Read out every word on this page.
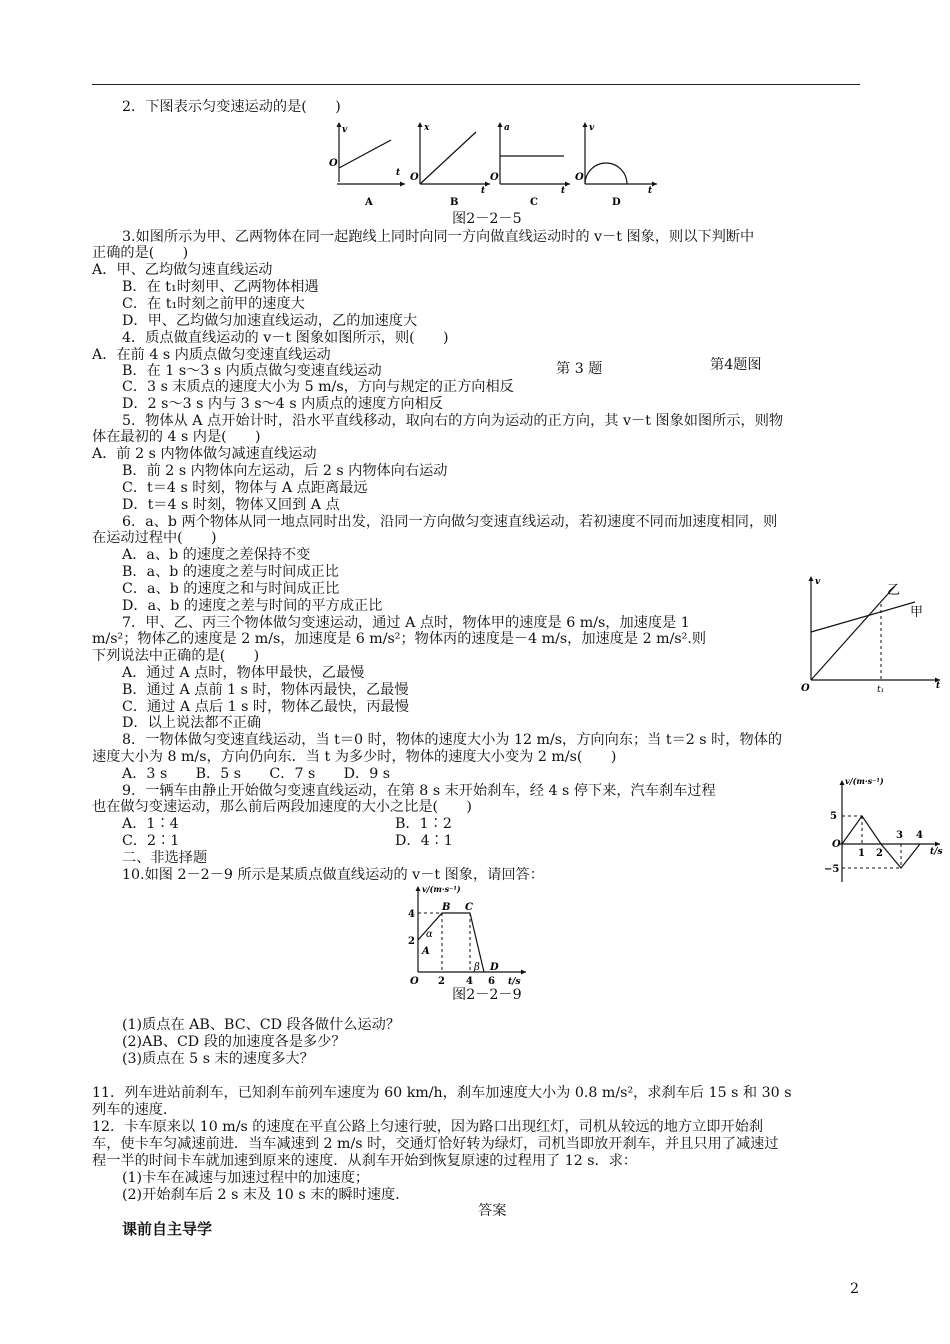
2．下图表示匀变速运动的是(　　)
v
O
t
A
x
O
t
B
a
O
t
C
v
O
t
D
图2－2－5
3.如图所示为甲、乙两物体在同一起跑线上同时向同一方向做直线运动时的 v－t 图象，则以下判断中
正确的是(　　)
A．甲、乙均做匀速直线运动
B．在 t₁时刻甲、乙两物体相遇
C．在 t₁时刻之前甲的速度大
D．甲、乙均做匀加速直线运动，乙的加速度大
4．质点做直线运动的 v－t 图象如图所示，则(　　)
A．在前 4 s 内质点做匀变速直线运动
B．在 1 s～3 s 内质点做匀变速直线运动	第 3 题	第4题图
C．3 s 末质点的速度大小为 5 m/s，方向与规定的正方向相反
D．2 s～3 s 内与 3 s～4 s 内质点的速度方向相反
5．物体从 A 点开始计时，沿水平直线移动，取向右的方向为运动的正方向，其 v－t 图象如图所示，则物
体在最初的 4 s 内是(　　)
A．前 2 s 内物体做匀减速直线运动
B．前 2 s 内物体向左运动，后 2 s 内物体向右运动
C．t＝4 s 时刻，物体与 A 点距离最远
D．t＝4 s 时刻，物体又回到 A 点
6．a、b 两个物体从同一地点同时出发，沿同一方向做匀变速直线运动，若初速度不同而加速度相同，则
在运动过程中(　　)
A．a、b 的速度之差保持不变
B．a、b 的速度之差与时间成正比
C．a、b 的速度之和与时间成正比
D．a、b 的速度之差与时间的平方成正比
v
O	t
t₁
甲
乙
7．甲、乙、丙三个物体做匀变速运动，通过 A 点时，物体甲的速度是 6 m/s，加速度是 1
m/s²；物体乙的速度是 2 m/s，加速度是 6 m/s²；物体丙的速度是－4 m/s，加速度是 2 m/s².则
下列说法中正确的是(　　)
A．通过 A 点时，物体甲最快，乙最慢
B．通过 A 点前 1 s 时，物体丙最快，乙最慢
C．通过 A 点后 1 s 时，物体乙最快，丙最慢
D．以上说法都不正确
8．一物体做匀变速直线运动，当 t＝0 时，物体的速度大小为 12 m/s，方向向东；当 t＝2 s 时，物体的
速度大小为 8 m/s，方向仍向东．当 t 为多少时，物体的速度大小变为 2 m/s(　　)
A．3 s　　B．5 s　　C．7 s　　D．9 s
9．一辆车由静止开始做匀变速直线运动，在第 8 s 末开始刹车，经 4 s 停下来，汽车刹车过程
也在做匀变速运动，那么前后两段加速度的大小之比是(　　)
A．1∶4	B．1∶2
C．2∶1	D．4∶1
v/(m·s⁻¹)
5
O
−5
1 2
3 4
t/s
二、非选择题
10.如图 2－2－9 所示是某质点做直线运动的 v－t 图象，请回答：
v/(m·s⁻¹)
4
2
O 2 4 6 t/s
A
B C
D
α
β
图2－2－9
(1)质点在 AB、BC、CD 段各做什么运动？
(2)AB、CD 段的加速度各是多少？
(3)质点在 5 s 末的速度多大？
11．列车进站前刹车，已知刹车前列车速度为 60 km/h，刹车加速度大小为 0.8 m/s²，求刹车后 15 s 和 30 s
列车的速度．
12．卡车原来以 10 m/s 的速度在平直公路上匀速行驶，因为路口出现红灯，司机从较远的地方立即开始刹
车，使卡车匀减速前进．当车减速到 2 m/s 时，交通灯恰好转为绿灯，司机当即放开刹车，并且只用了减速过
程一半的时间卡车就加速到原来的速度．从刹车开始到恢复原速的过程用了 12 s．求：
(1)卡车在减速与加速过程中的加速度；
(2)开始刹车后 2 s 末及 10 s 末的瞬时速度．
答案
课前自主导学
2
